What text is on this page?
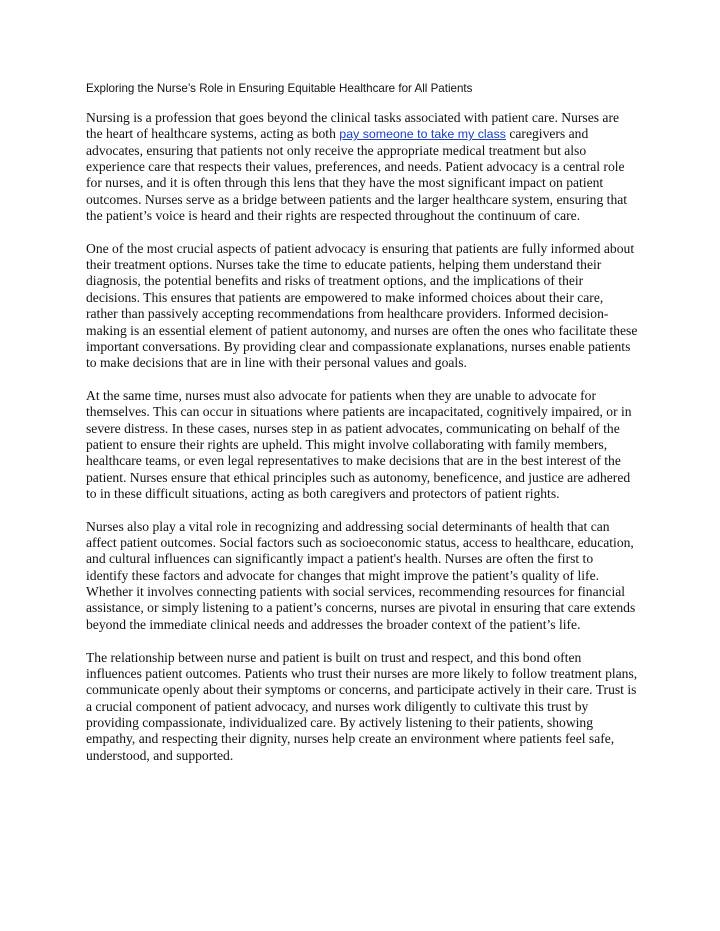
Exploring the Nurse’s Role in Ensuring Equitable Healthcare for All Patients

Nursing is a profession that goes beyond the clinical tasks associated with patient care. Nurses are the heart of healthcare systems, acting as both pay someone to take my class caregivers and advocates, ensuring that patients not only receive the appropriate medical treatment but also experience care that respects their values, preferences, and needs. Patient advocacy is a central role for nurses, and it is often through this lens that they have the most significant impact on patient outcomes. Nurses serve as a bridge between patients and the larger healthcare system, ensuring that the patient’s voice is heard and their rights are respected throughout the continuum of care.

One of the most crucial aspects of patient advocacy is ensuring that patients are fully informed about their treatment options. Nurses take the time to educate patients, helping them understand their diagnosis, the potential benefits and risks of treatment options, and the implications of their decisions. This ensures that patients are empowered to make informed choices about their care, rather than passively accepting recommendations from healthcare providers. Informed decision-making is an essential element of patient autonomy, and nurses are often the ones who facilitate these important conversations. By providing clear and compassionate explanations, nurses enable patients to make decisions that are in line with their personal values and goals.

At the same time, nurses must also advocate for patients when they are unable to advocate for themselves. This can occur in situations where patients are incapacitated, cognitively impaired, or in severe distress. In these cases, nurses step in as patient advocates, communicating on behalf of the patient to ensure their rights are upheld. This might involve collaborating with family members, healthcare teams, or even legal representatives to make decisions that are in the best interest of the patient. Nurses ensure that ethical principles such as autonomy, beneficence, and justice are adhered to in these difficult situations, acting as both caregivers and protectors of patient rights.

Nurses also play a vital role in recognizing and addressing social determinants of health that can affect patient outcomes. Social factors such as socioeconomic status, access to healthcare, education, and cultural influences can significantly impact a patient's health. Nurses are often the first to identify these factors and advocate for changes that might improve the patient’s quality of life. Whether it involves connecting patients with social services, recommending resources for financial assistance, or simply listening to a patient’s concerns, nurses are pivotal in ensuring that care extends beyond the immediate clinical needs and addresses the broader context of the patient’s life.

The relationship between nurse and patient is built on trust and respect, and this bond often influences patient outcomes. Patients who trust their nurses are more likely to follow treatment plans, communicate openly about their symptoms or concerns, and participate actively in their care. Trust is a crucial component of patient advocacy, and nurses work diligently to cultivate this trust by providing compassionate, individualized care. By actively listening to their patients, showing empathy, and respecting their dignity, nurses help create an environment where patients feel safe, understood, and supported.
